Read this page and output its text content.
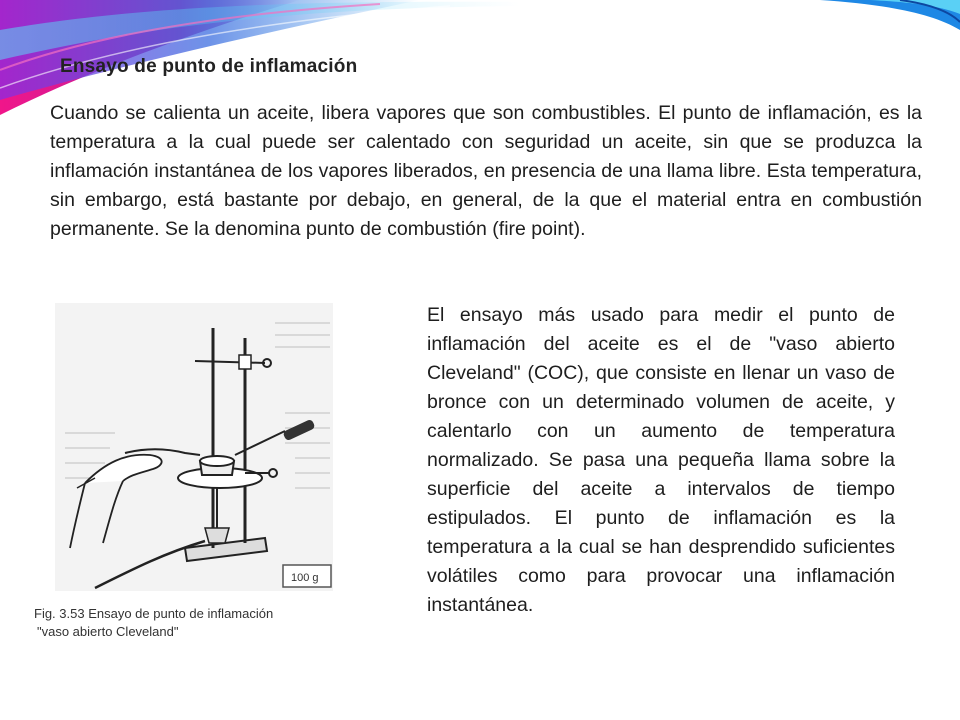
Ensayo de punto de inflamación

Cuando se calienta un aceite, libera vapores que son combustibles. El punto de inflamación, es la temperatura a la cual puede ser calentado con seguridad un aceite, sin que se produzca la inflamación instantánea de los vapores liberados, en presencia de una llama libre. Esta temperatura, sin embargo, está bastante por debajo, en general, de la que el material entra en combustión permanente. Se la denomina punto de combustión (fire point).

100 g
Fig. 3.53 Ensayo de punto de inflamación
"vaso abierto Cleveland"

El ensayo más usado para medir el punto de inflamación del aceite es el de "vaso abierto Cleveland" (COC), que consiste en llenar un vaso de bronce con un determinado volumen de aceite, y calentarlo con un aumento de temperatura normalizado. Se pasa una pequeña llama sobre la superficie del aceite a intervalos de tiempo estipulados. El punto de inflamación es la temperatura a la cual se han desprendido suficientes volátiles como para provocar una inflamación instantánea.
